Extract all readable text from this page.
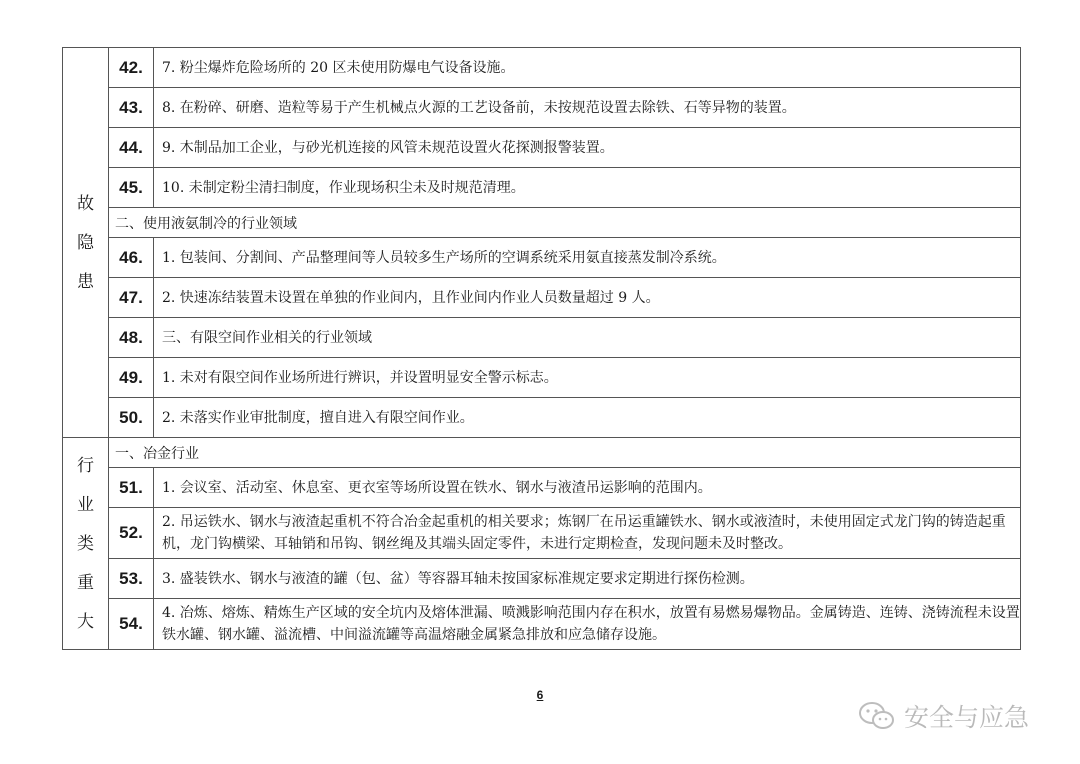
故
隐
患	42.	7. 粉尘爆炸危险场所的 20 区未使用防爆电气设备设施。
	43.	8. 在粉碎、研磨、造粒等易于产生机械点火源的工艺设备前，未按规范设置去除铁、石等异物的装置。
	44.	9. 木制品加工企业，与砂光机连接的风管未规范设置火花探测报警装置。
	45.	10. 未制定粉尘清扫制度，作业现场积尘未及时规范清理。
	二、使用液氨制冷的行业领域	
	46.	1. 包装间、分割间、产品整理间等人员较多生产场所的空调系统采用氨直接蒸发制冷系统。
	47.	2. 快速冻结装置未设置在单独的作业间内，且作业间内作业人员数量超过 9 人。
	48.	三、有限空间作业相关的行业领域
	49.	1. 未对有限空间作业场所进行辨识，并设置明显安全警示标志。
	50.	2. 未落实作业审批制度，擅自进入有限空间作业。

行
业
类
重
大	一、冶金行业	
	51.	1. 会议室、活动室、休息室、更衣室等场所设置在铁水、钢水与液渣吊运影响的范围内。
	52.	2. 吊运铁水、钢水与液渣起重机不符合冶金起重机的相关要求；炼钢厂在吊运重罐铁水、钢水或液渣时，未使用固定式龙门钩的铸造起重机，龙门钩横梁、耳轴销和吊钩、钢丝绳及其端头固定零件，未进行定期检查，发现问题未及时整改。
	53.	3. 盛装铁水、钢水与液渣的罐（包、盆）等容器耳轴未按国家标准规定要求定期进行探伤检测。
	54.	4. 冶炼、熔炼、精炼生产区域的安全坑内及熔体泄漏、喷溅影响范围内存在积水，放置有易燃易爆物品。金属铸造、连铸、浇铸流程未设置铁水罐、钢水罐、溢流槽、中间溢流罐等高温熔融金属紧急排放和应急储存设施。
6
安全与应急
